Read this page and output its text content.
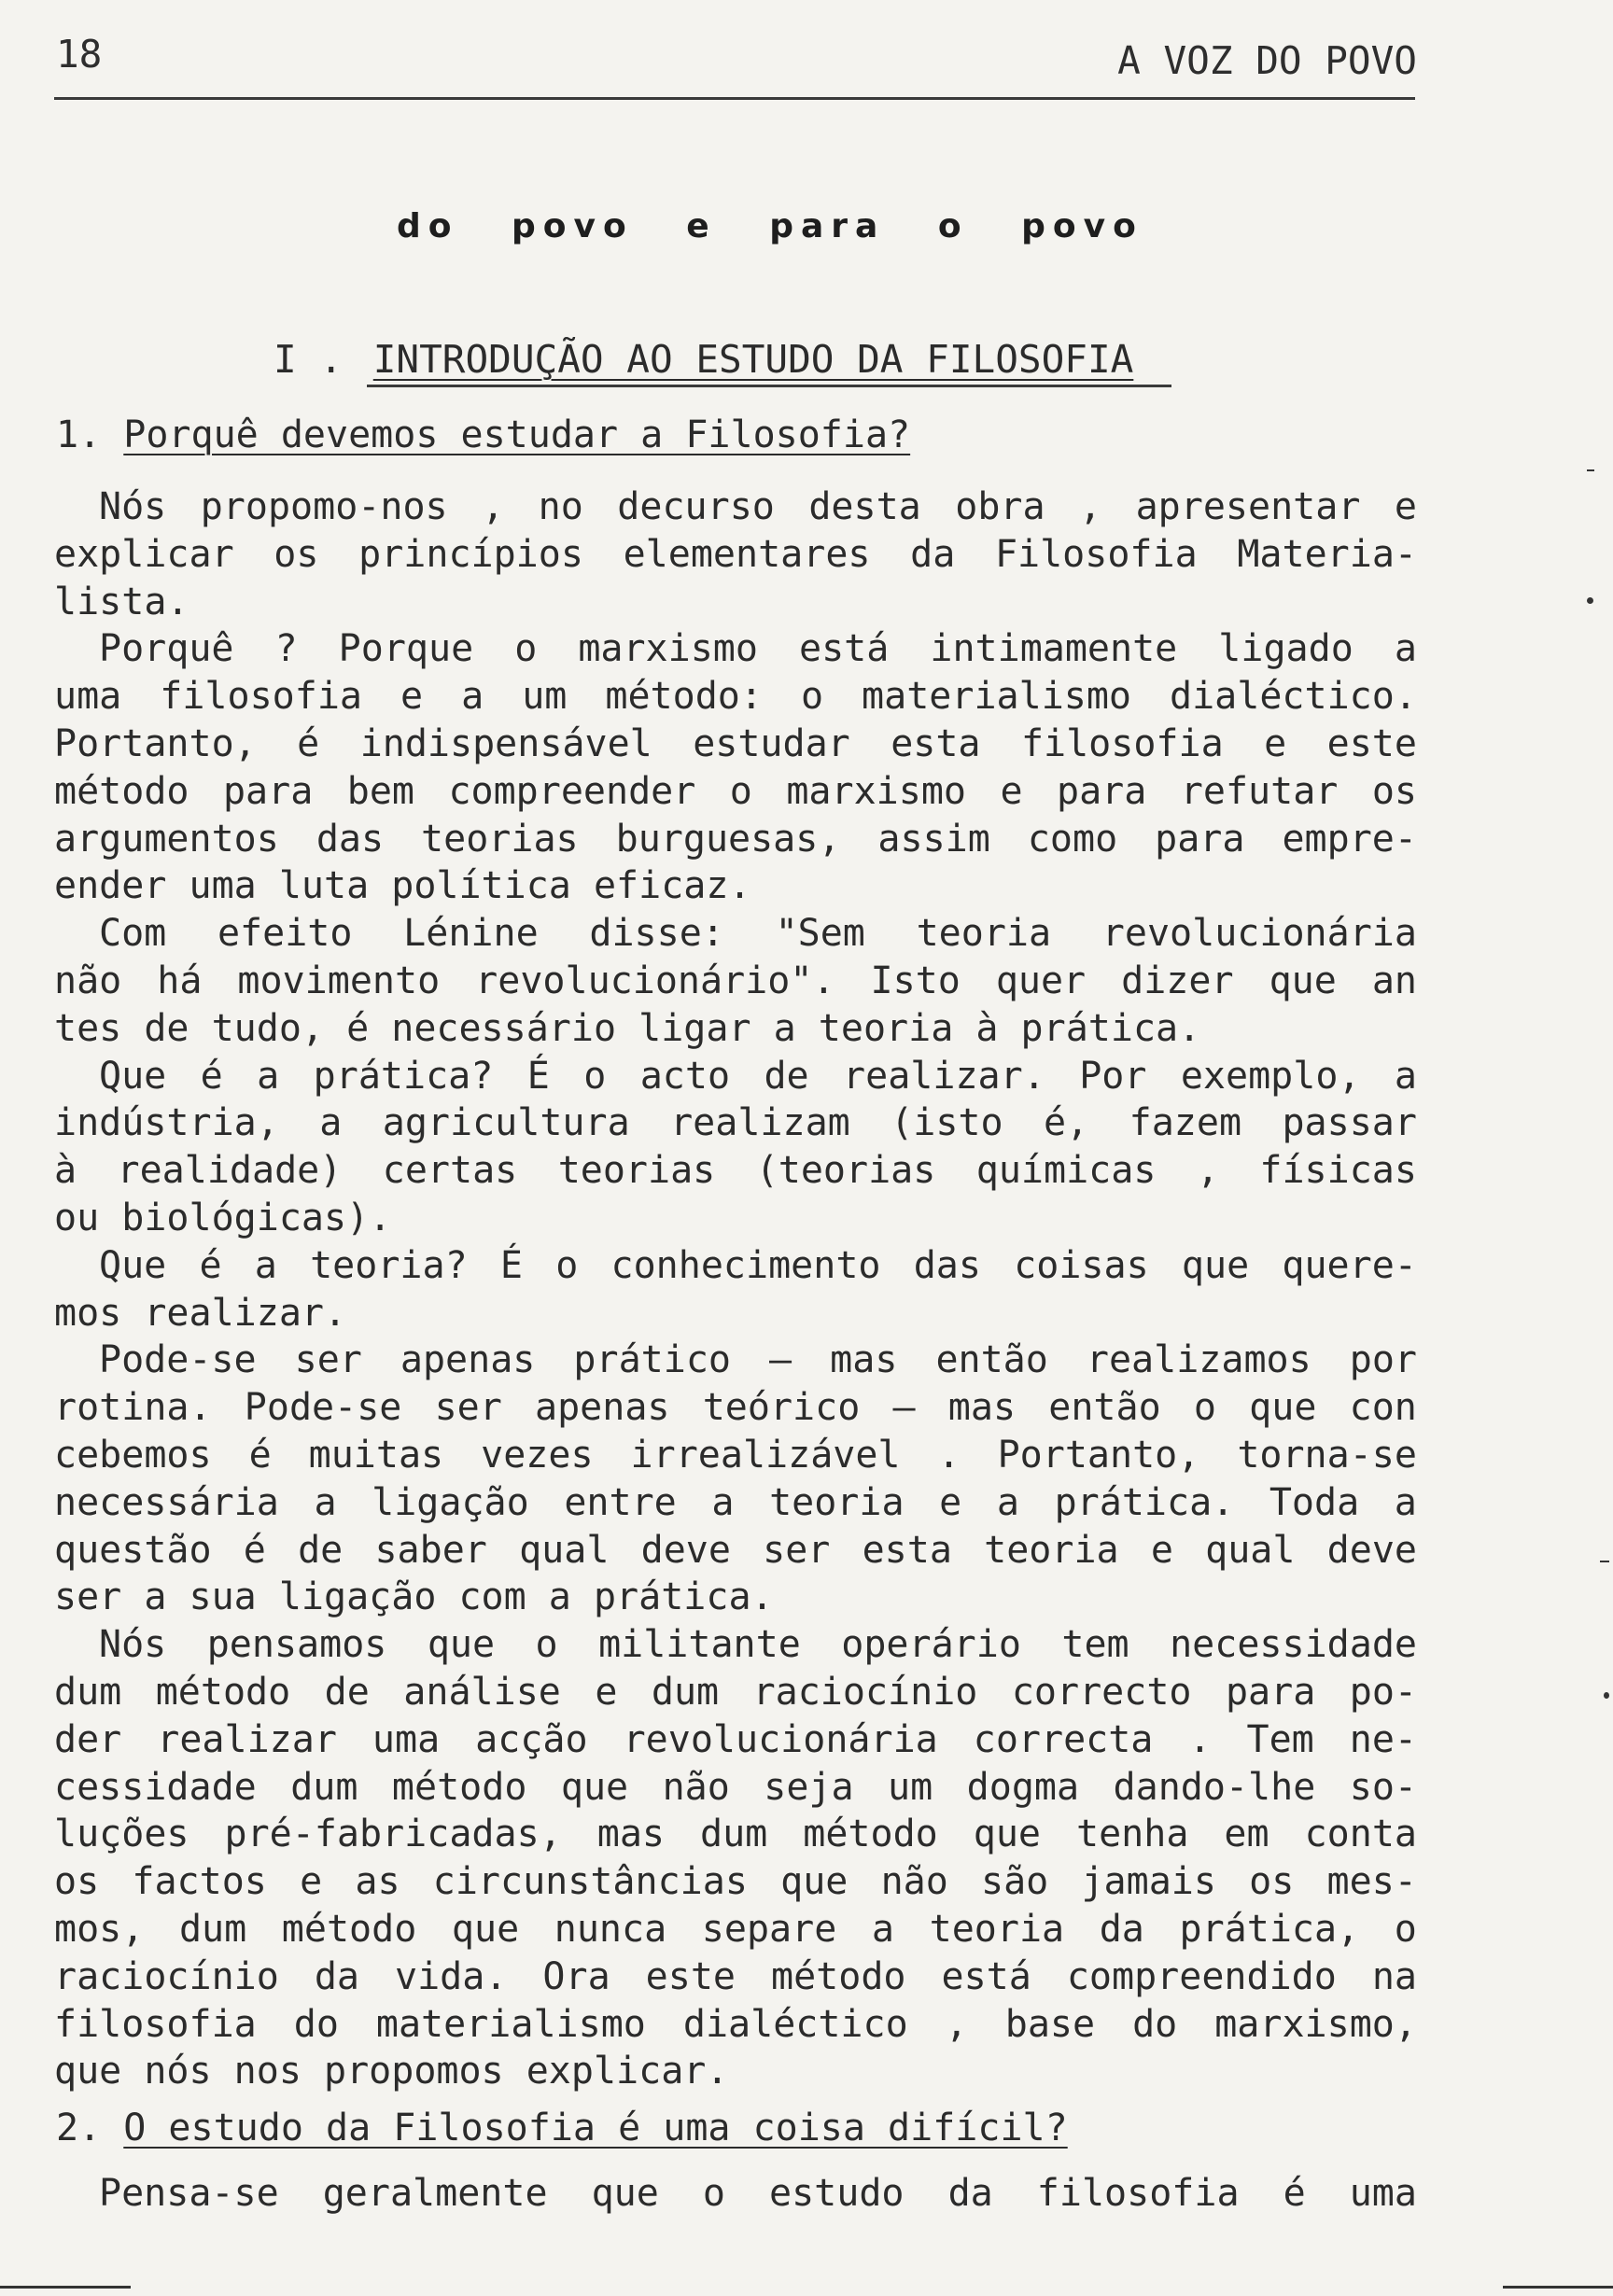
18	A VOZ DO POVO
do povo e para o povo
I . INTRODUÇÃO AO ESTUDO DA FILOSOFIA
1. Porquê devemos estudar a Filosofia?
Nós propomo-nos , no decurso desta obra , apresentar e
explicar os princípios elementares da Filosofia Materia-
lista.
Porquê ? Porque o marxismo está intimamente ligado a
uma filosofia e a um método: o materialismo dialéctico.
Portanto, é indispensável estudar esta filosofia e este
método para bem compreender o marxismo e para refutar os
argumentos das teorias burguesas, assim como para empre-
ender uma luta política eficaz.
Com efeito Lénine disse: "Sem teoria revolucionária
não há movimento revolucionário". Isto quer dizer que an
tes de tudo, é necessário ligar a teoria à prática.
Que é a prática? É o acto de realizar. Por exemplo, a
indústria, a agricultura realizam (isto é, fazem passar
à realidade) certas teorias (teorias químicas , físicas
ou biológicas).
Que é a teoria? É o conhecimento das coisas que quere-
mos realizar.
Pode-se ser apenas prático — mas então realizamos por
rotina. Pode-se ser apenas teórico — mas então o que con
cebemos é muitas vezes irrealizável . Portanto, torna-se
necessária a ligação entre a teoria e a prática. Toda a
questão é de saber qual deve ser esta teoria e qual deve
ser a sua ligação com a prática.
Nós pensamos que o militante operário tem necessidade
dum método de análise e dum raciocínio correcto para po-
der realizar uma acção revolucionária correcta . Tem ne-
cessidade dum método que não seja um dogma dando-lhe so-
luções pré-fabricadas, mas dum método que tenha em conta
os factos e as circunstâncias que não são jamais os mes-
mos, dum método que nunca separe a teoria da prática, o
raciocínio da vida. Ora este método está compreendido na
filosofia do materialismo dialéctico , base do marxismo,
que nós nos propomos explicar.
2. O estudo da Filosofia é uma coisa difícil?
Pensa-se geralmente que o estudo da filosofia é uma
